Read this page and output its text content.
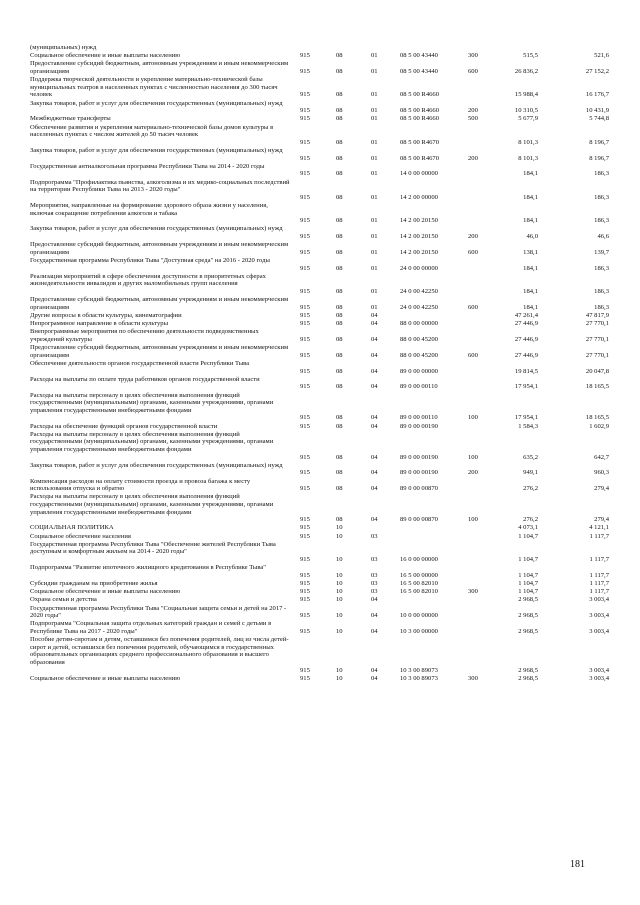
(муниципальных) нужд
Социальное обеспечение и иные выплаты населению	915	08	01	08 5 00 43440	300	515,5	521,6
Предоставление субсидий бюджетным, автономным учреждениям и иным некоммерческим организациям	915	08	01	08 5 00 43440	600	26 836,2	27 152,2
Поддержка творческой деятельности и укрепление материально-технической базы муниципальных театров в населенных пунктах с численностью населения до 300 тысяч человек	915	08	01	08 5 00 R4660	15 988,4	16 176,7
Закупка товаров, работ и услуг для обеспечения государственных (муниципальных) нужд
915	08	01	08 5 00 R4660	200	10 310,5	10 431,9
Межбюджетные трансферты	915	08	01	08 5 00 R4660	500	5 677,9	5 744,8
Обеспечение развития и укрепления материально-технической базы домов культуры в населенных пунктах с числом жителей до 50 тысяч человек
915	08	01	08 5 00 R4670	8 101,3	8 196,7
Закупка товаров, работ и услуг для обеспечения государственных (муниципальных) нужд
915	08	01	08 5 00 R4670	200	8 101,3	8 196,7
Государственная антиалкогольная программа Республики Тыва на 2014 - 2020 годы
915	08	01	14 0 00 00000	184,1	186,3
Подпрограмма "Профилактика пьянства, алкоголизма и их медико-социальных последствий на территории Республики Тыва на 2013 - 2020 годы"
915	08	01	14 2 00 00000	184,1	186,3
Мероприятия, направленные на формирование здорового образа жизни у населения, включая сокращение потребления алкоголя и табака
915	08	01	14 2 00 20150	184,1	186,3
Закупка товаров, работ и услуг для обеспечения государственных (муниципальных) нужд
915	08	01	14 2 00 20150	200	46,0	46,6
Предоставление субсидий бюджетным, автономным учреждениям и иным некоммерческим организациям	915	08	01	14 2 00 20150	600	138,1	139,7
Государственная программа Республики Тыва "Доступная среда" на 2016 - 2020 годы
915	08	01	24 0 00 00000	184,1	186,3
Реализация мероприятий в сфере обеспечения доступности в приоритетных сферах жизнедеятельности инвалидов и других маломобильных групп населения
915	08	01	24 0 00 42250	184,1	186,3
Предоставление субсидий бюджетным, автономным учреждениям и иным некоммерческим организациям	915	08	01	24 0 00 42250	600	184,1	186,3
Другие вопросы в области культуры, кинематографии	915	08	04	47 261,4	47 817,9
Непрограммное направление в области культуры	915	08	04	88 0 00 00000	27 446,9	27 770,1
Внепрограммные мероприятия по обеспечению деятельности подведомственных учреждений культуры	915	08	04	88 0 00 45200	27 446,9	27 770,1
Предоставление субсидий бюджетным, автономным учреждениям и иным некоммерческим организациям	915	08	04	88 0 00 45200	600	27 446,9	27 770,1
Обеспечение деятельности органов государственной власти Республики Тыва
915	08	04	89 0 00 00000	19 814,5	20 047,8
Расходы на выплаты по оплате труда работников органов государственной власти
915	08	04	89 0 00 00110	17 954,1	18 165,5
Расходы на выплаты персоналу в целях обеспечения выполнения функций государственными (муниципальными) органами, казенными учреждениями, органами управления государственными внебюджетными фондами
915	08	04	89 0 00 00110	100	17 954,1	18 165,5
Расходы на обеспечение функций органов государственной власти	915	08	04	89 0 00 00190	1 584,3	1 602,9
Расходы на выплаты персоналу в целях обеспечения выполнения функций государственными (муниципальными) органами, казенными учреждениями, органами управления государственными внебюджетными фондами
915	08	04	89 0 00 00190	100	635,2	642,7
Закупка товаров, работ и услуг для обеспечения государственных (муниципальных) нужд
915	08	04	89 0 00 00190	200	949,1	960,3
Компенсация расходов на оплату стоимости проезда и провоза багажа к месту использования отпуска и обратно	915	08	04	89 0 00 00870	276,2	279,4
Расходы на выплаты персоналу в целях обеспечения выполнения функций государственными (муниципальными) органами, казенными учреждениями, органами управления государственными внебюджетными фондами
915	08	04	89 0 00 00870	100	276,2	279,4
СОЦИАЛЬНАЯ ПОЛИТИКА	915	10	4 073,1	4 121,1
Социальное обеспечение населения	915	10	03	1 104,7	1 117,7
Государственная программа Республики Тыва "Обеспечение жителей Республики Тыва доступным и комфортным жильем на 2014 - 2020 годы"
915	10	03	16 0 00 00000	1 104,7	1 117,7
Подпрограмма "Развитие ипотечного жилищного кредитования в Республике Тыва"
915	10	03	16 5 00 00000	1 104,7	1 117,7
Субсидии гражданам на приобретение жилья	915	10	03	16 5 00 82010	1 104,7	1 117,7
Социальное обеспечение и иные выплаты населению	915	10	03	16 5 00 82010	300	1 104,7	1 117,7
Охрана семьи и детства	915	10	04	2 968,5	3 003,4
Государственная программа Республики Тыва "Социальная защита семьи и детей на 2017 - 2020 годы"	915	10	04	10 0 00 00000	2 968,5	3 003,4
Подпрограмма "Социальная защита отдельных категорий граждан и семей с детьми в Республике Тыва на 2017 - 2020 годы"	915	10	04	10 3 00 00000	2 968,5	3 003,4
Пособие детям-сиротам и детям, оставшимся без попечения родителей, лиц из числа детей-сирот и детей, оставшихся без попечения родителей, обучающимся в государственных образовательных организациях среднего профессионального образования и высшего образования
915	10	04	10 3 00 89073	2 968,5	3 003,4
Социальное обеспечение и иные выплаты населению	915	10	04	10 3 00 89073	300	2 968,5	3 003,4
181
